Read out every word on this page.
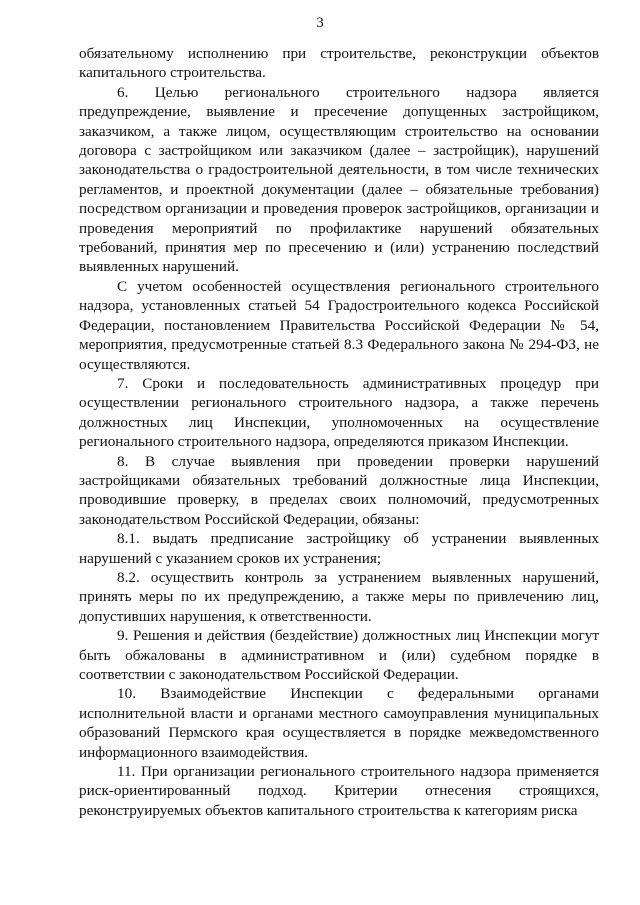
3

обязательному исполнению при строительстве, реконструкции объектов капитального строительства.

6. Целью регионального строительного надзора является предупреждение, выявление и пресечение допущенных застройщиком, заказчиком, а также лицом, осуществляющим строительство на основании договора с застройщиком или заказчиком (далее – застройщик), нарушений законодательства о градостроительной деятельности, в том числе технических регламентов, и проектной документации (далее – обязательные требования) посредством организации и проведения проверок застройщиков, организации и проведения мероприятий по профилактике нарушений обязательных требований, принятия мер по пресечению и (или) устранению последствий выявленных нарушений.

С учетом особенностей осуществления регионального строительного надзора, установленных статьей 54 Градостроительного кодекса Российской Федерации, постановлением Правительства Российской Федерации № 54, мероприятия, предусмотренные статьей 8.3 Федерального закона № 294-ФЗ, не осуществляются.

7. Сроки и последовательность административных процедур при осуществлении регионального строительного надзора, а также перечень должностных лиц Инспекции, уполномоченных на осуществление регионального строительного надзора, определяются приказом Инспекции.

8. В случае выявления при проведении проверки нарушений застройщиками обязательных требований должностные лица Инспекции, проводившие проверку, в пределах своих полномочий, предусмотренных законодательством Российской Федерации, обязаны:

8.1. выдать предписание застройщику об устранении выявленных нарушений с указанием сроков их устранения;

8.2. осуществить контроль за устранением выявленных нарушений, принять меры по их предупреждению, а также меры по привлечению лиц, допустивших нарушения, к ответственности.

9. Решения и действия (бездействие) должностных лиц Инспекции могут быть обжалованы в административном и (или) судебном порядке в соответствии с законодательством Российской Федерации.

10. Взаимодействие Инспекции с федеральными органами исполнительной власти и органами местного самоуправления муниципальных образований Пермского края осуществляется в порядке межведомственного информационного взаимодействия.

11. При организации регионального строительного надзора применяется риск-ориентированный подход. Критерии отнесения строящихся, реконструируемых объектов капитального строительства к категориям риска
